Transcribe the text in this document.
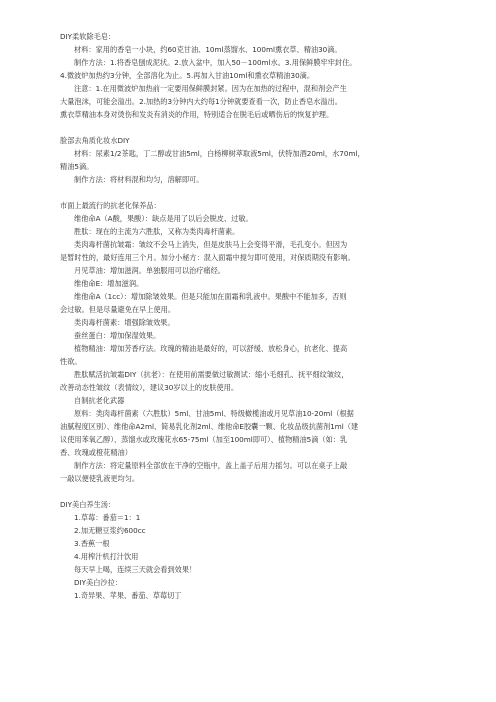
DIY柔软除毛皂：
材料：家用的香皂一小块，约60克甘油、10ml蒸馏水、100ml熏衣草、精油30滴。
制作方法：1.将香皂刨成泥状。2.放入盆中，加入50－100ml水。3.用保鲜膜牢牢封住。
4.微波炉加热约3分钟，全部溶化为止。5.再加入甘油10ml和熏衣草精油30滴。
注意：1.在用微波炉加热前一定要用保鲜膜封紧。因为在加热的过程中，混和剂会产生
大量泡沫，可能会溢出。2.加热的3分钟内大约每1分钟就要查看一次，防止香皂水溢出。
熏衣草精油本身对烫伤和发炎有消炎的作用，特别适合在脱毛后或晒伤后的恢复护理。
脸部去角质化妆水DIY
材料：尿素1/2茶匙，丁二醇或甘油5ml，白杨柳树萃取液5ml，伏特加酒20ml，水70ml，
精油5滴。
制作方法：将材料混和均匀，溶解即可。
市面上最流行的抗老化保养品：
维他命A（A酸，果酸）：缺点是用了以后会脱皮、过敏。
胜肽：现在的主流为六胜肽，又称为类肉毒杆菌素。
类肉毒杆菌抗皱霜：皱纹不会马上消失，但是皮肤马上会变得平滑，毛孔变小。但因为
是暂时性的，最好连用三个月。加分小秘方：混入面霜中搅匀即可使用，对保质期没有影响。
月见草油：增加滋润。单独服用可以治疗痛经。
维他命E：增加滋润。
维他命A（1cc）：增加除皱效果。但是只能加在面霜和乳液中。果酸中不能加多，否则
会过敏。但是尽量避免在早上使用。
类肉毒杆菌素：增强除皱效果。
蚕丝蛋白：增加保湿效果。
植物精油：增加芳香疗法。玫瑰的精油是最好的，可以舒缓、放松身心，抗老化、提高
性欲。
胜肽赋活抗皱霜DIY（抗老）：在使用前需要做过敏测试：缩小毛细孔、抚平细纹皱纹，
改善动态性皱纹（表情纹），建议30岁以上的皮肤使用。
自制抗老化武器
原料：类肉毒杆菌素（六胜肽）5ml、甘油5ml、特级橄榄油或月见草油10-20ml（根据
油腻程度区别）、维他命A2ml、简易乳化剂2ml、维他命E胶囊一颗、化妆品级抗菌剂1ml（建
议使用苯氧乙醇）、蒸馏水或玫瑰花水65-75ml（加至100ml即可）、植物精油5滴（如：乳
香、玫瑰或橙花精油）
制作方法：将定量原料全部放在干净的空瓶中，盖上盖子后用力摇匀。可以在桌子上敲
一敲以便使乳液更均匀。
DIY美白养生汤：
1.草莓：番茄＝1：1
2.加无糖豆浆约600cc
3.香蕉一根
4.用榨汁机打汁饮用
每天早上喝，连续三天就会看到效果！
DIY美白沙拉：
1.奇异果、苹果、番茄、草莓切丁
